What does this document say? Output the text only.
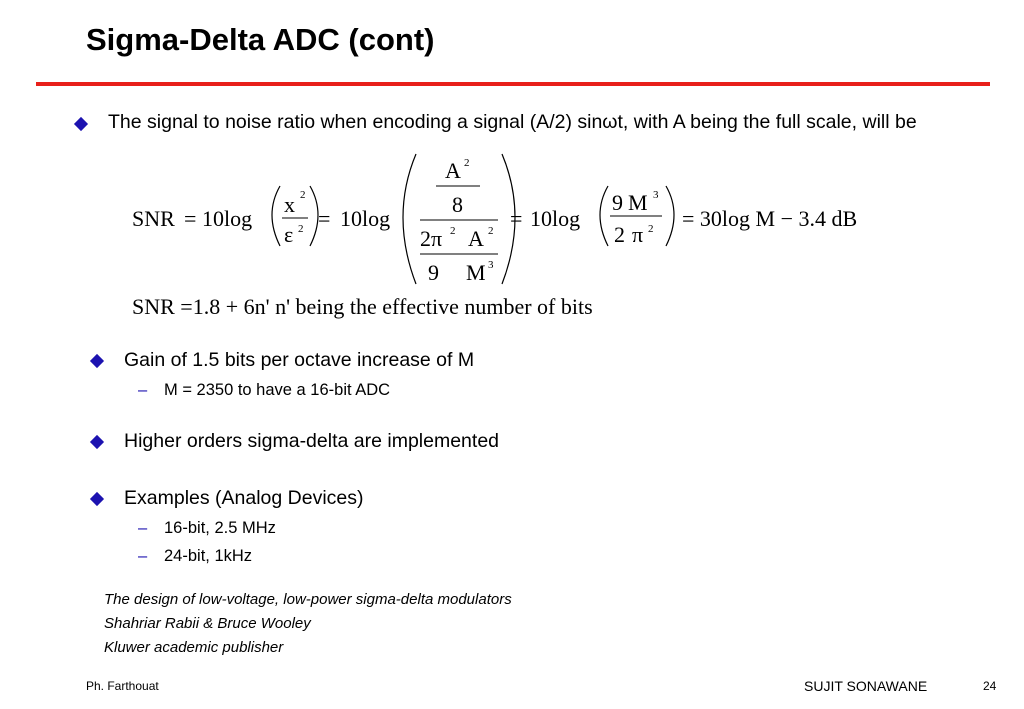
Sigma-Delta ADC (cont)
The signal to noise ratio when encoding a signal (A/2) sinωt, with A being the full scale, will be
SNR = 10log
x 2
ε 2 = 10log
A 2
8
2π 2 A 2
9 M 3
= 10log
9 M 3
2 π 2 = 30log M − 3.4 dB
SNR =1.8 + 6n' n' being the effective number of bits
Gain of 1.5 bits per octave increase of M
– M = 2350 to have a 16-bit ADC
Higher orders sigma-delta are implemented
Examples (Analog Devices)
– 16-bit, 2.5 MHz
– 24-bit, 1kHz
The design of low-voltage, low-power sigma-delta modulators
Shahriar Rabii & Bruce Wooley
Kluwer academic publisher
Ph. Farthouat	SUJIT SONAWANE	24
